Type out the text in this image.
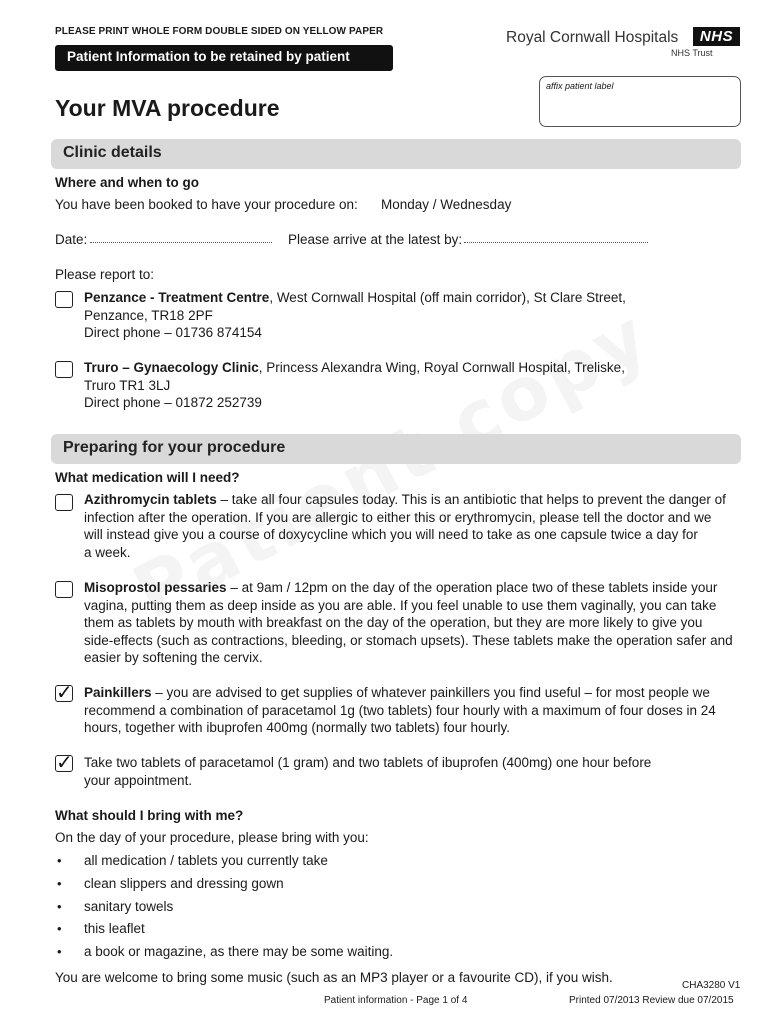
PLEASE PRINT WHOLE FORM DOUBLE SIDED ON YELLOW PAPER
Patient Information to be retained by patient
Royal Cornwall Hospitals	NHS
NHS Trust
affix patient label
Your MVA procedure
Clinic details
Where and when to go
You have been booked to have your procedure on: Monday / Wednesday
Date:	Please arrive at the latest by:
Please report to:
Penzance - Treatment Centre, West Cornwall Hospital (off main corridor), St Clare Street,
Penzance, TR18 2PF
Direct phone – 01736 874154
Truro – Gynaecology Clinic, Princess Alexandra Wing, Royal Cornwall Hospital, Treliske,
Truro TR1 3LJ
Direct phone – 01872 252739
Preparing for your procedure
What medication will I need?
Azithromycin tablets – take all four capsules today. This is an antibiotic that helps to prevent the danger of
infection after the operation. If you are allergic to either this or erythromycin, please tell the doctor and we
will instead give you a course of doxycycline which you will need to take as one capsule twice a day for
a week.
Misoprostol pessaries – at 9am / 12pm on the day of the operation place two of these tablets inside your
vagina, putting them as deep inside as you are able. If you feel unable to use them vaginally, you can take
them as tablets by mouth with breakfast on the day of the operation, but they are more likely to give you
side-effects (such as contractions, bleeding, or stomach upsets). These tablets make the operation safer and
easier by softening the cervix.
✓ Painkillers – you are advised to get supplies of whatever painkillers you find useful – for most people we
recommend a combination of paracetamol 1g (two tablets) four hourly with a maximum of four doses in 24
hours, together with ibuprofen 400mg (normally two tablets) four hourly.
✓ Take two tablets of paracetamol (1 gram) and two tablets of ibuprofen (400mg) one hour before
your appointment.
What should I bring with me?
On the day of your procedure, please bring with you:
• all medication / tablets you currently take
• clean slippers and dressing gown
• sanitary towels
• this leaflet
• a book or magazine, as there may be some waiting.
You are welcome to bring some music (such as an MP3 player or a favourite CD), if you wish.
CHA3280 V1
Patient information - Page 1 of 4	Printed 07/2013 Review due 07/2015
